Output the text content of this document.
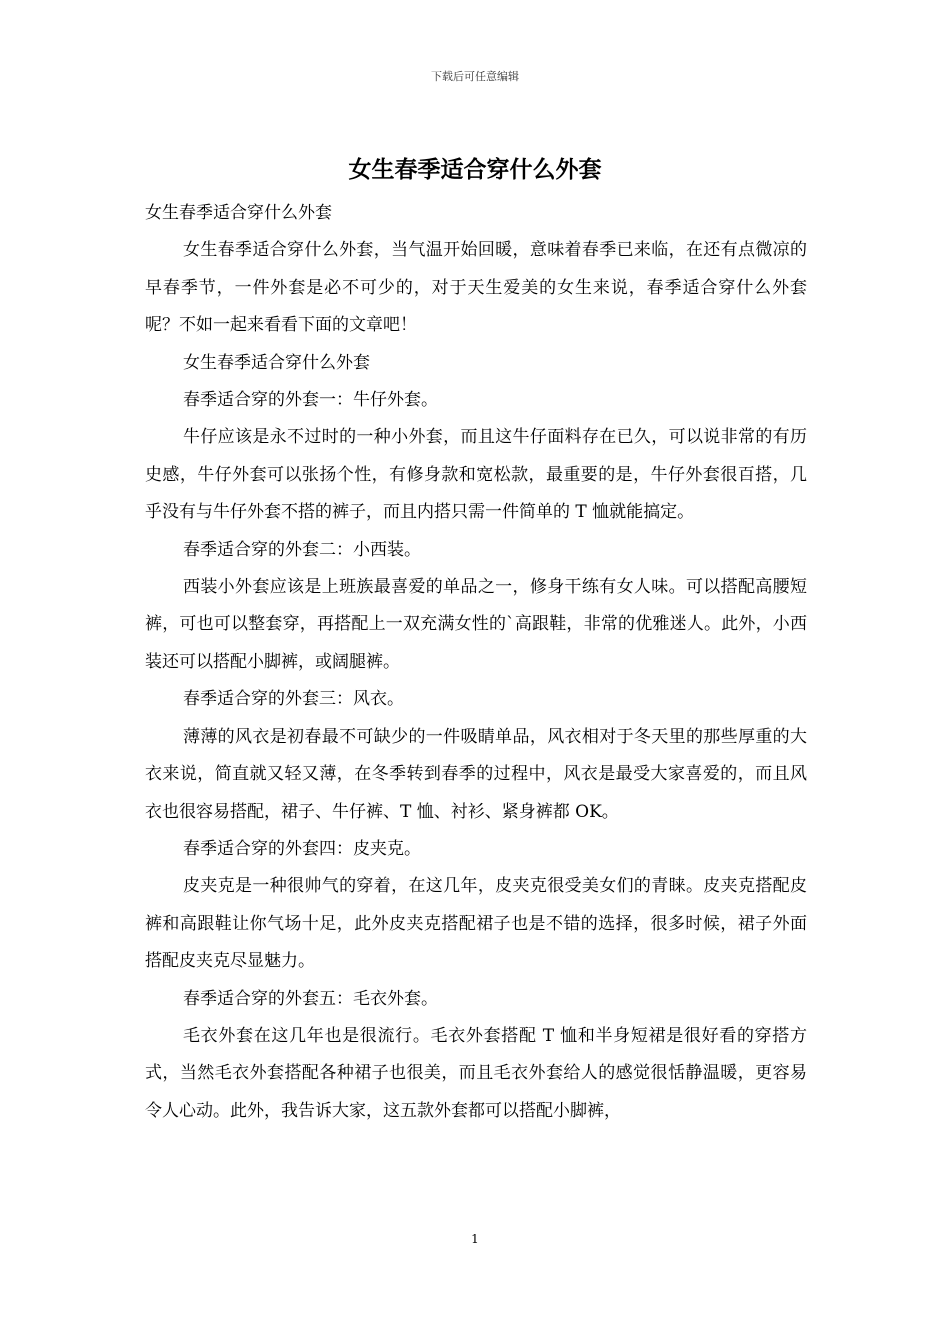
下载后可任意编辑
女生春季适合穿什么外套

女生春季适合穿什么外套

女生春季适合穿什么外套，当气温开始回暖，意味着春季已来临，在还有点微凉的早春季节，一件外套是必不可少的，对于天生爱美的女生来说，春季适合穿什么外套呢？不如一起来看看下面的文章吧！

女生春季适合穿什么外套

春季适合穿的外套一：牛仔外套。

牛仔应该是永不过时的一种小外套，而且这牛仔面料存在已久，可以说非常的有历史感，牛仔外套可以张扬个性，有修身款和宽松款，最重要的是，牛仔外套很百搭，几乎没有与牛仔外套不搭的裤子，而且内搭只需一件简单的 T 恤就能搞定。

春季适合穿的外套二：小西装。

西装小外套应该是上班族最喜爱的单品之一，修身干练有女人味。可以搭配高腰短裤，可也可以整套穿，再搭配上一双充满女性的`高跟鞋，非常的优雅迷人。此外，小西装还可以搭配小脚裤，或阔腿裤。

春季适合穿的外套三：风衣。

薄薄的风衣是初春最不可缺少的一件吸睛单品，风衣相对于冬天里的那些厚重的大衣来说，简直就又轻又薄，在冬季转到春季的过程中，风衣是最受大家喜爱的，而且风衣也很容易搭配，裙子、牛仔裤、T 恤、衬衫、紧身裤都 OK。

春季适合穿的外套四：皮夹克。

皮夹克是一种很帅气的穿着，在这几年，皮夹克很受美女们的青睐。皮夹克搭配皮裤和高跟鞋让你气场十足，此外皮夹克搭配裙子也是不错的选择，很多时候，裙子外面搭配皮夹克尽显魅力。

春季适合穿的外套五：毛衣外套。

毛衣外套在这几年也是很流行。毛衣外套搭配 T 恤和半身短裙是很好看的穿搭方式，当然毛衣外套搭配各种裙子也很美，而且毛衣外套给人的感觉很恬静温暖，更容易令人心动。此外，我告诉大家，这五款外套都可以搭配小脚裤，

1
